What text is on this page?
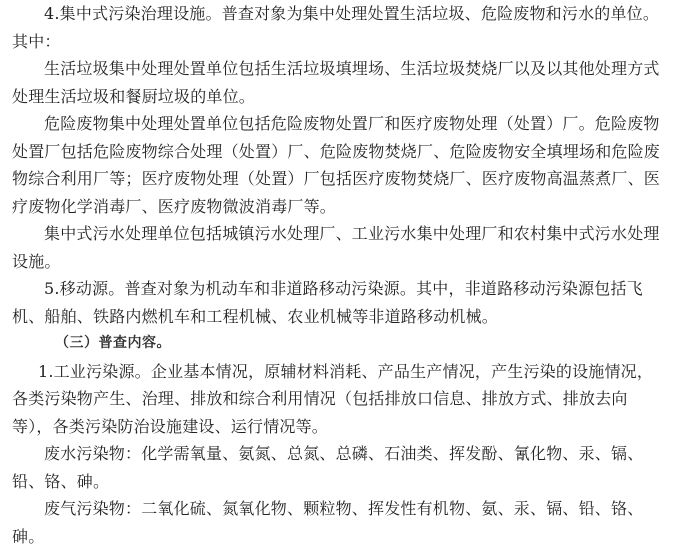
4.集中式污染治理设施。普查对象为集中处理处置生活垃圾、危险废物和污水的单位。
其中：
生活垃圾集中处理处置单位包括生活垃圾填埋场、生活垃圾焚烧厂以及以其他处理方式
处理生活垃圾和餐厨垃圾的单位。
危险废物集中处理处置单位包括危险废物处置厂和医疗废物处理（处置）厂。危险废物
处置厂包括危险废物综合处理（处置）厂、危险废物焚烧厂、危险废物安全填埋场和危险废
物综合利用厂等；医疗废物处理（处置）厂包括医疗废物焚烧厂、医疗废物高温蒸煮厂、医
疗废物化学消毒厂、医疗废物微波消毒厂等。
集中式污水处理单位包括城镇污水处理厂、工业污水集中处理厂和农村集中式污水处理
设施。
5.移动源。普查对象为机动车和非道路移动污染源。其中，非道路移动污染源包括飞
机、船舶、铁路内燃机车和工程机械、农业机械等非道路移动机械。
（三）普查内容。
1.工业污染源。企业基本情况，原辅材料消耗、产品生产情况，产生污染的设施情况，
各类污染物产生、治理、排放和综合利用情况（包括排放口信息、排放方式、排放去向
等），各类污染防治设施建设、运行情况等。
废水污染物：化学需氧量、氨氮、总氮、总磷、石油类、挥发酚、氰化物、汞、镉、
铅、铬、砷。
废气污染物：二氧化硫、氮氧化物、颗粒物、挥发性有机物、氨、汞、镉、铅、铬、
砷。
